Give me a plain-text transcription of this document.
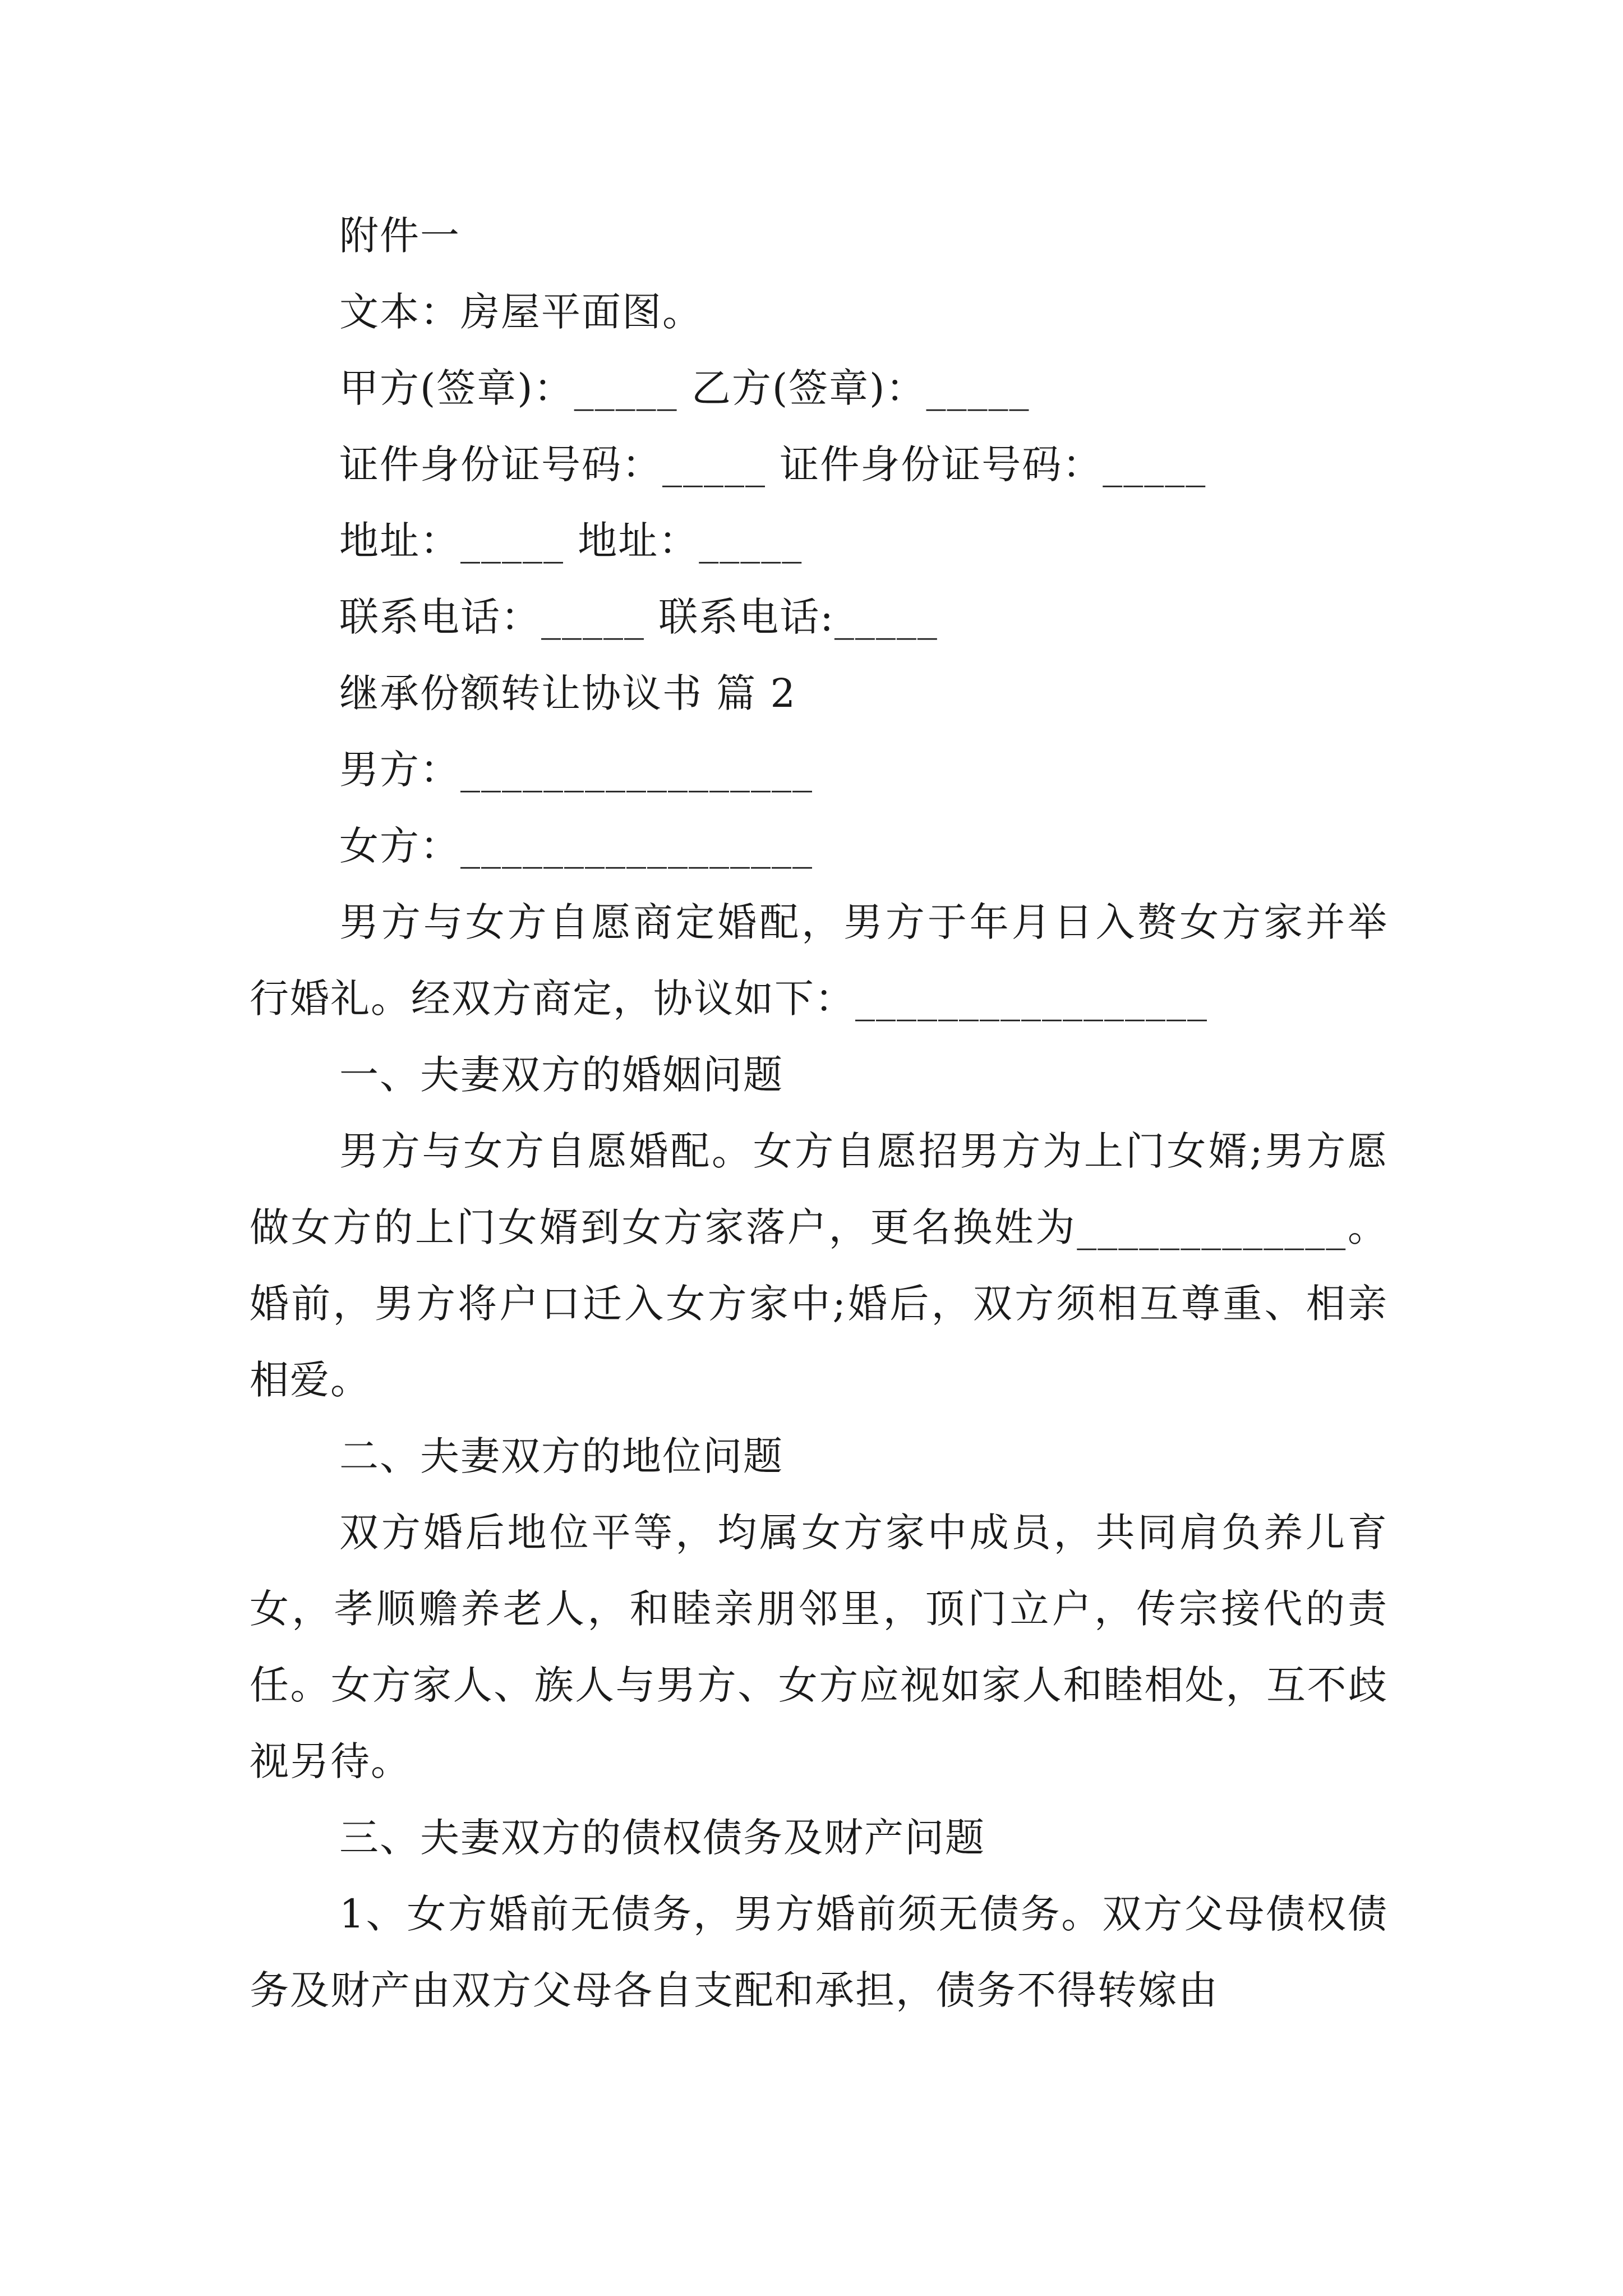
附件一

文本：房屋平面图。

甲方(签章)：_____ 乙方(签章)：_____

证件身份证号码：_____ 证件身份证号码：_____

地址：_____ 地址：_____

联系电话：_____ 联系电话:_____

继承份额转让协议书 篇 2

男方：_________________

女方：_________________

男方与女方自愿商定婚配，男方于年月日入赘女方家并举行婚礼。经双方商定，协议如下：_________________

一、夫妻双方的婚姻问题

男方与女方自愿婚配。女方自愿招男方为上门女婿;男方愿做女方的上门女婿到女方家落户，更名换姓为_____________。婚前，男方将户口迁入女方家中;婚后，双方须相互尊重、相亲相爱。

二、夫妻双方的地位问题

双方婚后地位平等，均属女方家中成员，共同肩负养儿育女，孝顺赡养老人，和睦亲朋邻里，顶门立户，传宗接代的责任。女方家人、族人与男方、女方应视如家人和睦相处，互不歧视另待。

三、夫妻双方的债权债务及财产问题

1、女方婚前无债务，男方婚前须无债务。双方父母债权债务及财产由双方父母各自支配和承担，债务不得转嫁由
